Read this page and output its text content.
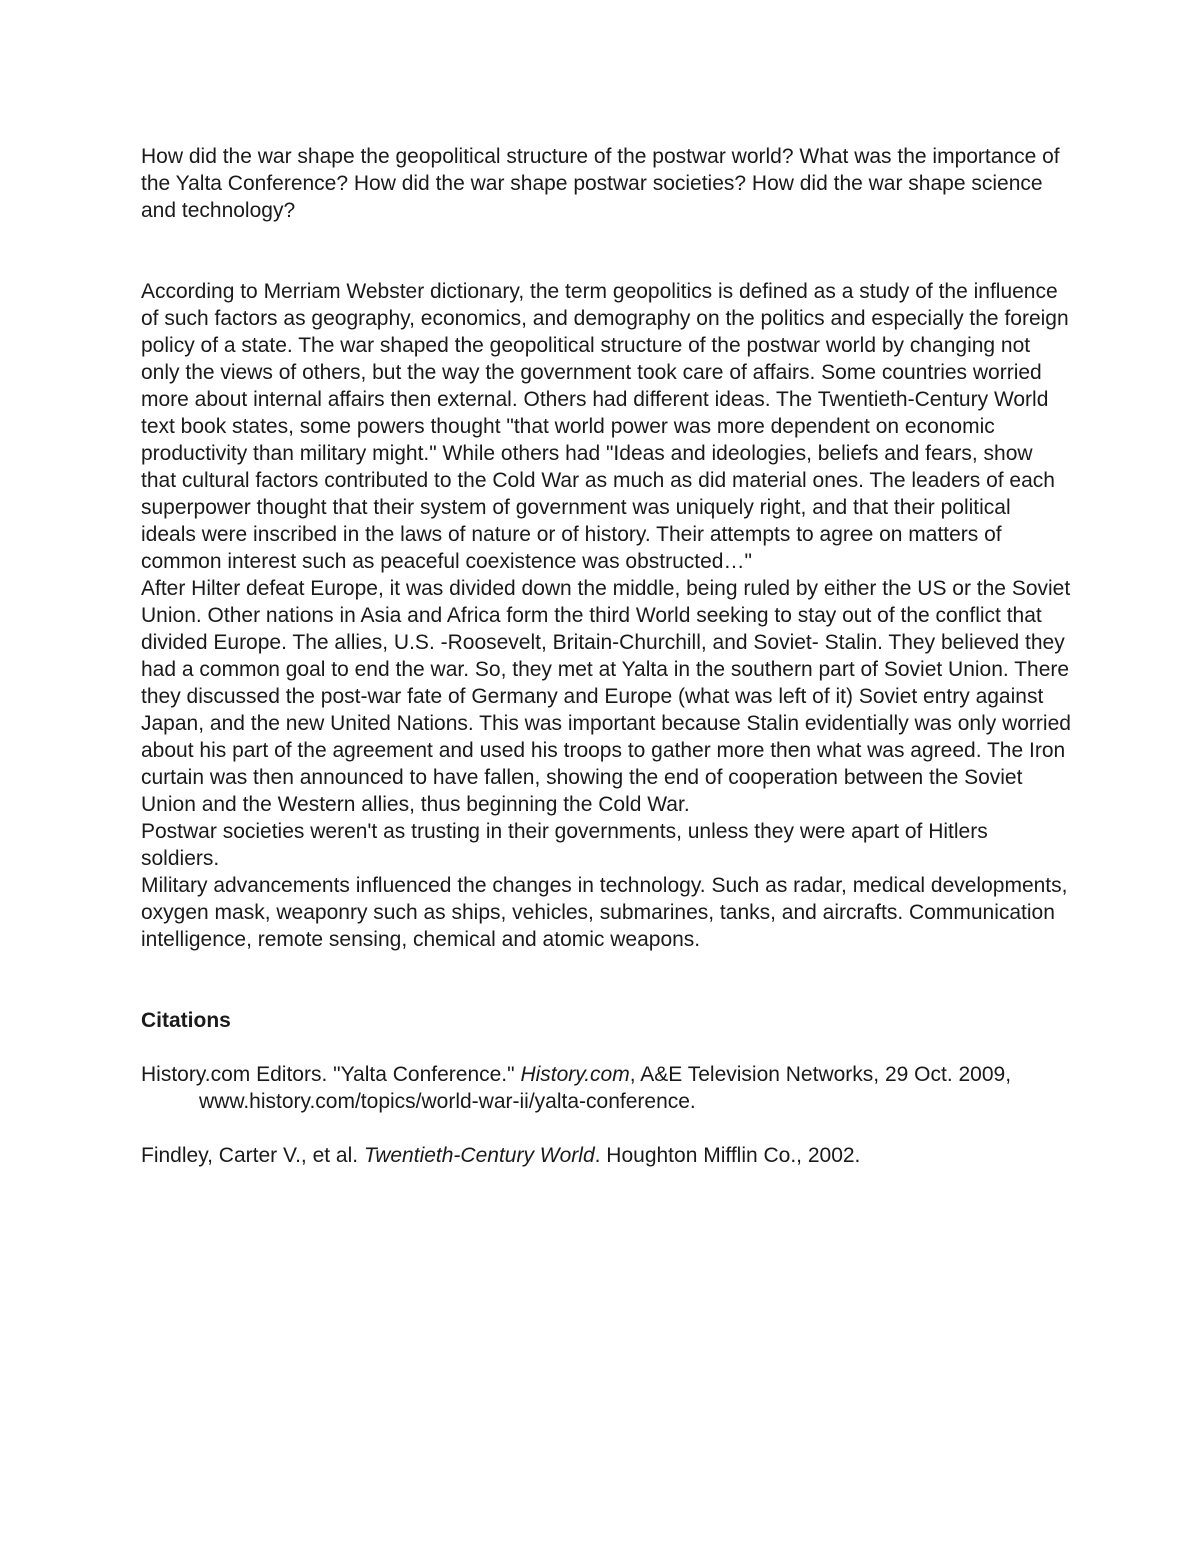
How did the war shape the geopolitical structure of the postwar world? What was the importance of the Yalta Conference? How did the war shape postwar societies? How did the war shape science and technology?

According to Merriam Webster dictionary, the term geopolitics is defined as a study of the influence of such factors as geography, economics, and demography on the politics and especially the foreign policy of a state. The war shaped the geopolitical structure of the postwar world by changing not only the views of others, but the way the government took care of affairs. Some countries worried more about internal affairs then external. Others had different ideas. The Twentieth-Century World text book states, some powers thought "that world power was more dependent on economic productivity than military might." While others had "Ideas and ideologies, beliefs and fears, show that cultural factors contributed to the Cold War as much as did material ones. The leaders of each superpower thought that their system of government was uniquely right, and that their political ideals were inscribed in the laws of nature or of history. Their attempts to agree on matters of common interest such as peaceful coexistence was obstructed…"

After Hilter defeat Europe, it was divided down the middle, being ruled by either the US or the Soviet Union. Other nations in Asia and Africa form the third World seeking to stay out of the conflict that divided Europe. The allies, U.S. -Roosevelt, Britain-Churchill, and Soviet- Stalin. They believed they had a common goal to end the war. So, they met at Yalta in the southern part of Soviet Union. There they discussed the post-war fate of Germany and Europe (what was left of it) Soviet entry against Japan, and the new United Nations. This was important because Stalin evidentially was only worried about his part of the agreement and used his troops to gather more then what was agreed. The Iron curtain was then announced to have fallen, showing the end of cooperation between the Soviet Union and the Western allies, thus beginning the Cold War.

Postwar societies weren't as trusting in their governments, unless they were apart of Hitlers soldiers.

Military advancements influenced the changes in technology. Such as radar, medical developments, oxygen mask, weaponry such as ships, vehicles, submarines, tanks, and aircrafts. Communication intelligence, remote sensing, chemical and atomic weapons.

Citations

History.com Editors. "Yalta Conference." History.com, A&E Television Networks, 29 Oct. 2009, www.history.com/topics/world-war-ii/yalta-conference.

Findley, Carter V., et al. Twentieth-Century World. Houghton Mifflin Co., 2002.
